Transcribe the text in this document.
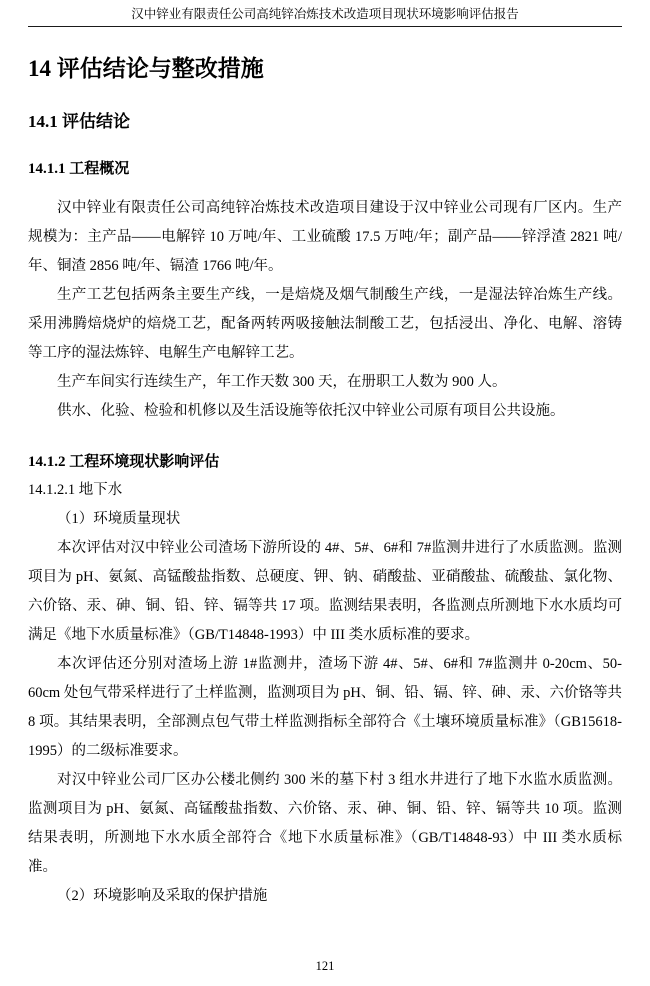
汉中锌业有限责任公司高纯锌冶炼技术改造项目现状环境影响评估报告
14 评估结论与整改措施
14.1 评估结论
14.1.1 工程概况

汉中锌业有限责任公司高纯锌冶炼技术改造项目建设于汉中锌业公司现有厂区内。生产规模为：主产品——电解锌 10 万吨/年、工业硫酸 17.5 万吨/年；副产品——锌浮渣 2821 吨/年、铜渣 2856 吨/年、镉渣 1766 吨/年。

生产工艺包括两条主要生产线，一是焙烧及烟气制酸生产线，一是湿法锌冶炼生产线。采用沸腾焙烧炉的焙烧工艺，配备两转两吸接触法制酸工艺，包括浸出、净化、电解、溶铸等工序的湿法炼锌、电解生产电解锌工艺。

生产车间实行连续生产，年工作天数 300 天，在册职工人数为 900 人。

供水、化验、检验和机修以及生活设施等依托汉中锌业公司原有项目公共设施。

14.1.2 工程环境现状影响评估
14.1.2.1 地下水
（1）环境质量现状

本次评估对汉中锌业公司渣场下游所设的 4#、5#、6#和 7#监测井进行了水质监测。监测项目为 pH、氨氮、高锰酸盐指数、总硬度、钾、钠、硝酸盐、亚硝酸盐、硫酸盐、氯化物、六价铬、汞、砷、铜、铅、锌、镉等共 17 项。监测结果表明，各监测点所测地下水水质均可满足《地下水质量标准》（GB/T14848-1993）中 III 类水质标准的要求。

本次评估还分别对渣场上游 1#监测井，渣场下游 4#、5#、6#和 7#监测井 0-20cm、50-60cm 处包气带采样进行了土样监测，监测项目为 pH、铜、铅、镉、锌、砷、汞、六价铬等共 8 项。其结果表明，全部测点包气带土样监测指标全部符合《土壤环境质量标准》（GB15618-1995）的二级标准要求。

对汉中锌业公司厂区办公楼北侧约 300 米的墓下村 3 组水井进行了地下水监水质监测。监测项目为 pH、氨氮、高锰酸盐指数、六价铬、汞、砷、铜、铅、锌、镉等共 10 项。监测结果表明，所测地下水水质全部符合《地下水质量标准》（GB/T14848-93）中 III 类水质标准。

（2）环境影响及采取的保护措施
121
